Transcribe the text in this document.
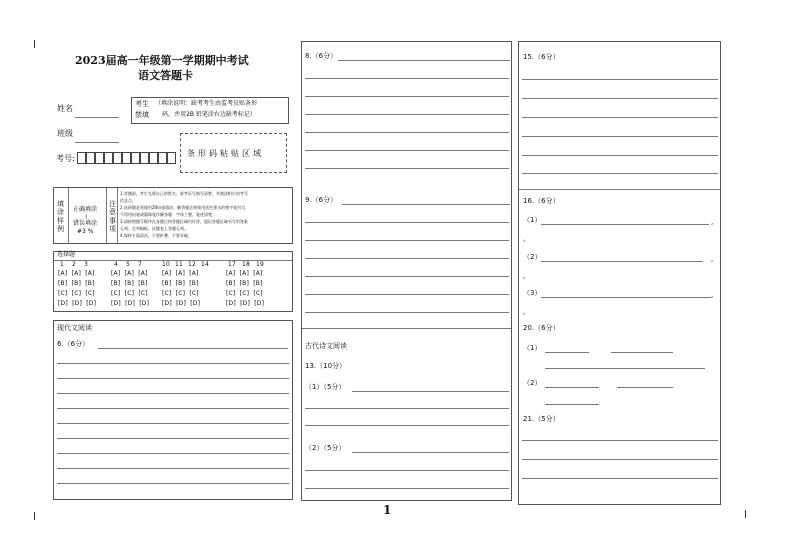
2023届高一年级第一学期期中考试
语文答题卡
姓名
班级
考号:
考生 （填涂说明：缺考考生由监考员贴条形
禁填 码，并用2B 铅笔涂右边缺考标记）
条形码粘贴区域
填涂样例
正确填涂
!
错误填涂
#3 %
注意事项
1.答题前，考生先将自己的姓名、准考证号填写清楚，并填涂相应的考号
信息点。
2.选择题必须使用2B铅笔填涂；解答题必须使用黑色墨水的签字笔书写，
不得用铅笔或圆珠笔作解答题：字体工整、笔迹清楚。
3.请按照题号顺序在各题目的答题区域内作答，超出答题区域书写的答案
无效；在草稿纸、试题卷上答题无效。
4.保持卡面清洁，不要折叠、不要弄破。
选择题
1 2 3
[A]  [A]  [A]
[B]  [B]  [B]
[C]  [C]  [C]
[D]  [D]  [D]
4 5 7
[A]  [A]  [A]
[B]  [B]  [B]
[C]  [C]  [C]
[D]  [D]  [D]
10 11 12 14
[A]  [A]  [A]
[B]  [B]  [B]
[C]  [C]  [C]
[D]  [D]  [D]
17 18 19
[A]  [A]  [A]
[B]  [B]  [B]
[C]  [C]  [C]
[D]  [D]  [D]
现代文阅读
6.（6分）
8.（6分）
9.（6分）
古代诗文阅读
13.（10分）
（1）（5分）
（2）（5分）
1
15.（6分）
16.（6分）
（1）	,
。
（2）	,
。
（3）	,
。
20.（6分）
（1）
（2）
21.（5分）
